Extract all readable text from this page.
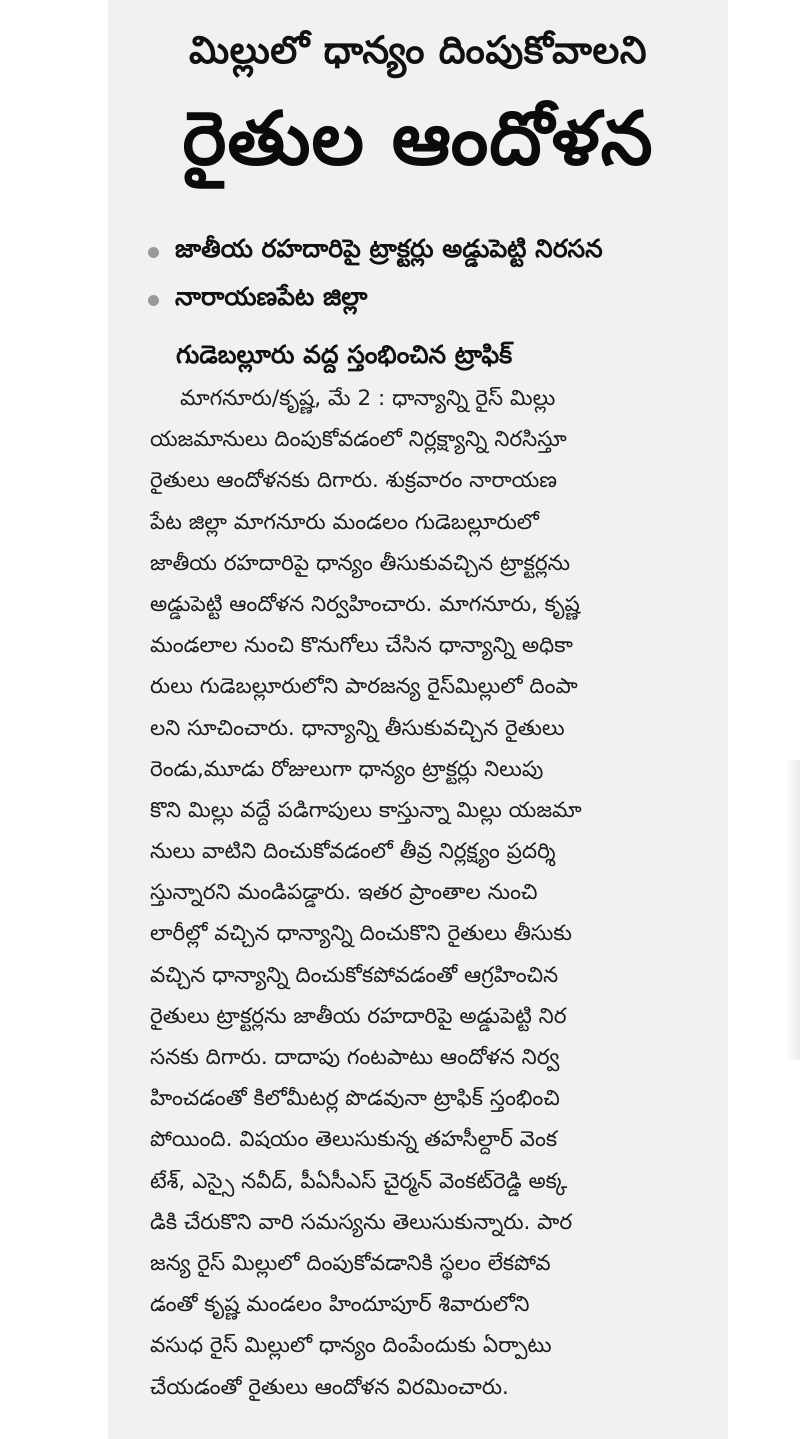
మిల్లులో ధాన్యం దింపుకోవాలని
రైతుల ఆందోళన
జాతీయ రహదారిపై ట్రాక్టర్లు అడ్డుపెట్టి నిరసన
నారాయణపేట జిల్లా
గుడెబల్లూరు వద్ద స్తంభించిన ట్రాఫిక్
మాగనూరు/కృష్ణ, మే 2 : ధాన్యాన్ని రైస్ మిల్లు
యజమానులు దింపుకోవడంలో నిర్లక్ష్యాన్ని నిరసిస్తూ
రైతులు ఆందోళనకు దిగారు. శుక్రవారం నారాయణ
పేట జిల్లా మాగనూరు మండలం గుడెబల్లూరులో
జాతీయ రహదారిపై ధాన్యం తీసుకువచ్చిన ట్రాక్టర్లను
అడ్డుపెట్టి ఆందోళన నిర్వహించారు. మాగనూరు, కృష్ణ
మండలాల నుంచి కొనుగోలు చేసిన ధాన్యాన్ని అధికా
రులు గుడెబల్లూరులోని పారజన్య రైస్‌మిల్లులో దింపా
లని సూచించారు. ధాన్యాన్ని తీసుకువచ్చిన రైతులు
రెండు,మూడు రోజులుగా ధాన్యం ట్రాక్టర్లు నిలుపు
కొని మిల్లు వద్దే పడిగాపులు కాస్తున్నా మిల్లు యజమా
నులు వాటిని దించుకోవడంలో తీవ్ర నిర్లక్ష్యం ప్రదర్శి
స్తున్నారని మండిపడ్డారు. ఇతర ప్రాంతాల నుంచి
లారీల్లో వచ్చిన ధాన్యాన్ని దించుకొని రైతులు తీసుకు
వచ్చిన ధాన్యాన్ని దించుకోకపోవడంతో ఆగ్రహించిన
రైతులు ట్రాక్టర్లను జాతీయ రహదారిపై అడ్డుపెట్టి నిర
సనకు దిగారు. దాదాపు గంటపాటు ఆందోళన నిర్వ
హించడంతో కిలోమీటర్ల పొడవునా ట్రాఫిక్ స్తంభించి
పోయింది. విషయం తెలుసుకున్న తహసీల్దార్ వెంక
టేశ్, ఎస్సై నవీద్, పీఏసీఎస్ చైర్మన్ వెంకట్‌రెడ్డి అక్క
డికి చేరుకొని వారి సమస్యను తెలుసుకున్నారు. పార
జన్య రైస్ మిల్లులో దింపుకోవడానికి స్థలం లేకపోవ
డంతో కృష్ణ మండలం హిందూపూర్ శివారులోని
వసుధ రైస్ మిల్లులో ధాన్యం దింపేందుకు ఏర్పాటు
చేయడంతో రైతులు ఆందోళన విరమించారు.
